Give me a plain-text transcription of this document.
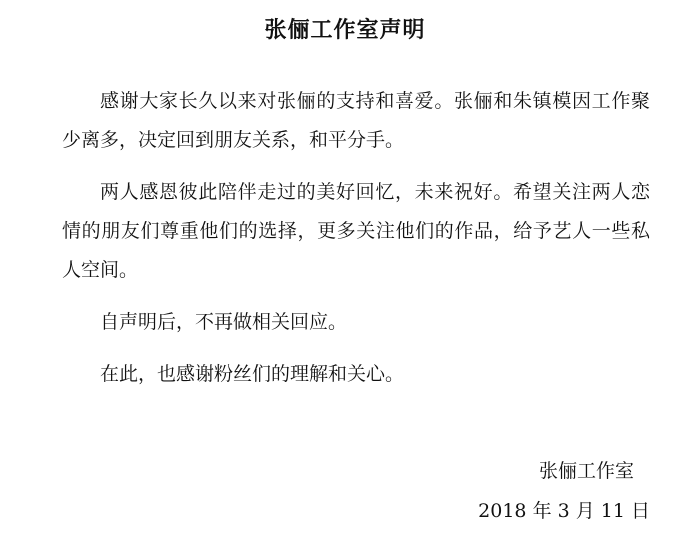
张俪工作室声明

感谢大家长久以来对张俪的支持和喜爱。张俪和朱镇模因工作聚少离多，决定回到朋友关系，和平分手。

两人感恩彼此陪伴走过的美好回忆，未来祝好。希望关注两人恋情的朋友们尊重他们的选择，更多关注他们的作品，给予艺人一些私人空间。

自声明后，不再做相关回应。

在此，也感谢粉丝们的理解和关心。

张俪工作室
2018 年 3 月 11 日
